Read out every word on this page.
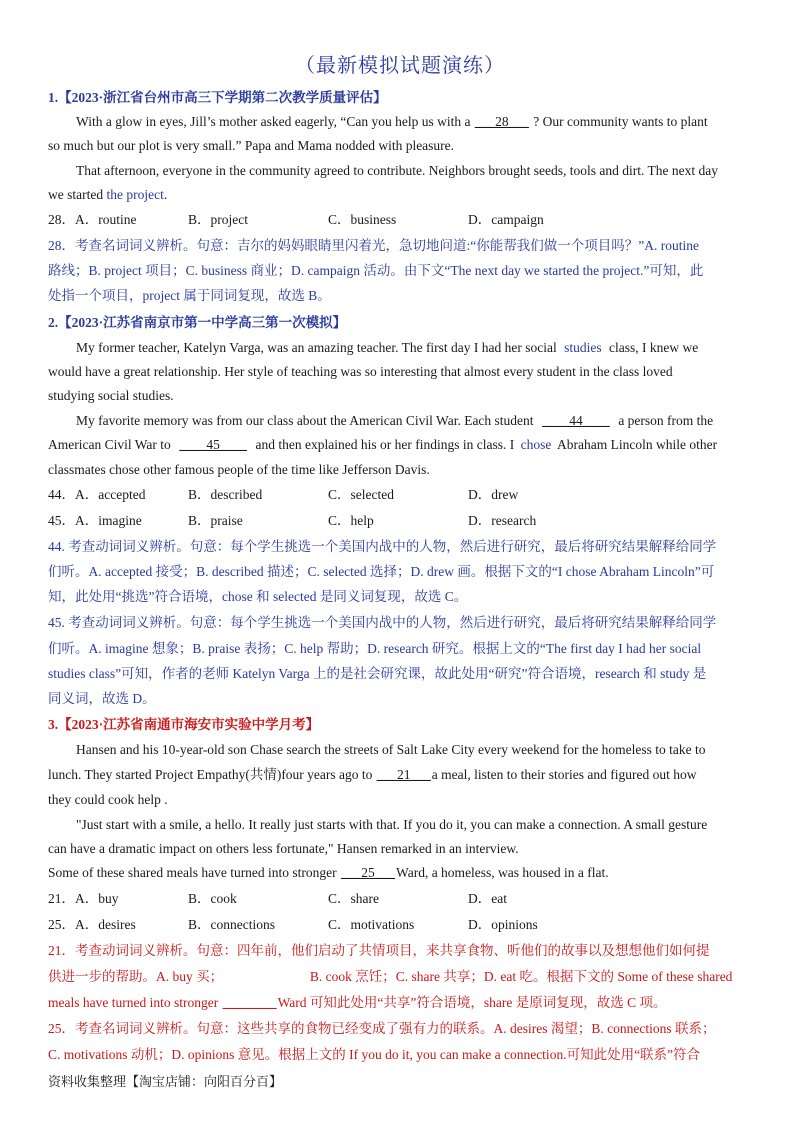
（最新模拟试题演练）
1.【2023·浙江省台州市高三下学期第二次教学质量评估】
With a glow in eyes, Jill’s mother asked eagerly, “Can you help us with a ___28___ ? Our community wants to plant
so much but our plot is very small.” Papa and Mama nodded with pleasure.
That afternoon, everyone in the community agreed to contribute. Neighbors brought seeds, tools and dirt. The next day
we started the project.
28．A．routine	B．project	C．business	D．campaign
28．考查名词词义辨析。句意：吉尔的妈妈眼睛里闪着光，急切地问道:“你能帮我们做一个项目吗？”A. routine
路线；B. project 项目；C. business 商业；D. campaign 活动。由下文“The next day we started the project.”可知，此
处指一个项目，project 属于同词复现，故选 B。
2.【2023·江苏省南京市第一中学高三第一次模拟】
My former teacher, Katelyn Varga, was an amazing teacher. The first day I had her social studies class, I knew we
would have a great relationship. Her style of teaching was so interesting that almost every student in the class loved
studying social studies.
My favorite memory was from our class about the American Civil War. Each student ____44____ a person from the
American Civil War to ____45____ and then explained his or her findings in class. I chose Abraham Lincoln while other
classmates chose other famous people of the time like Jefferson Davis.
44．A．accepted	B．described	C．selected	D．drew
45．A．imagine	B．praise	C．help	D．research
44. 考查动词词义辨析。句意：每个学生挑选一个美国内战中的人物，然后进行研究，最后将研究结果解释给同学
们听。A. accepted 接受；B. described 描述；C. selected 选择；D. drew 画。根据下文的“I chose Abraham Lincoln”可
知，此处用“挑选”符合语境，chose 和 selected 是同义词复现，故选 C。
45. 考查动词词义辨析。句意：每个学生挑选一个美国内战中的人物，然后进行研究，最后将研究结果解释给同学
们听。A. imagine 想象；B. praise 表扬；C. help 帮助；D. research 研究。根据上文的“The first day I had her social
studies class”可知，作者的老师 Katelyn Varga 上的是社会研究课，故此处用“研究”符合语境，research 和 study 是
同义词，故选 D。
3.【2023·江苏省南通市海安市实验中学月考】
Hansen and his 10-year-old son Chase search the streets of Salt Lake City every weekend for the homeless to take to
lunch. They started Project Empathy(共情)four years ago to ___21___a meal, listen to their stories and figured out how
they could cook help .
"Just start with a smile, a hello. It really just starts with that. If you do it, you can make a connection. A small gesture
can have a dramatic impact on others less fortunate," Hansen remarked in an interview.
Some of these shared meals have turned into stronger ___25___Ward, a homeless, was housed in a flat.
21．A．buy	B．cook	C．share	D．eat
25．A．desires	B．connections	C．motivations	D．opinions
21．考查动词词义辨析。句意：四年前，他们启动了共情项目，来共享食物、听他们的故事以及想想他们如何提
供进一步的帮助。A. buy 买；	B. cook 烹饪；C. share 共享；D. eat 吃。根据下文的 Some of these shared
meals have turned into stronger ________Ward 可知此处用“共享”符合语境，share 是原词复现，故选 C 项。
25．考查名词词义辨析。句意：这些共享的食物已经变成了强有力的联系。A. desires 渴望；B. connections 联系；
C. motivations 动机；D. opinions 意见。根据上文的 If you do it, you can make a connection.可知此处用“联系”符合
资料收集整理【淘宝店铺：向阳百分百】
